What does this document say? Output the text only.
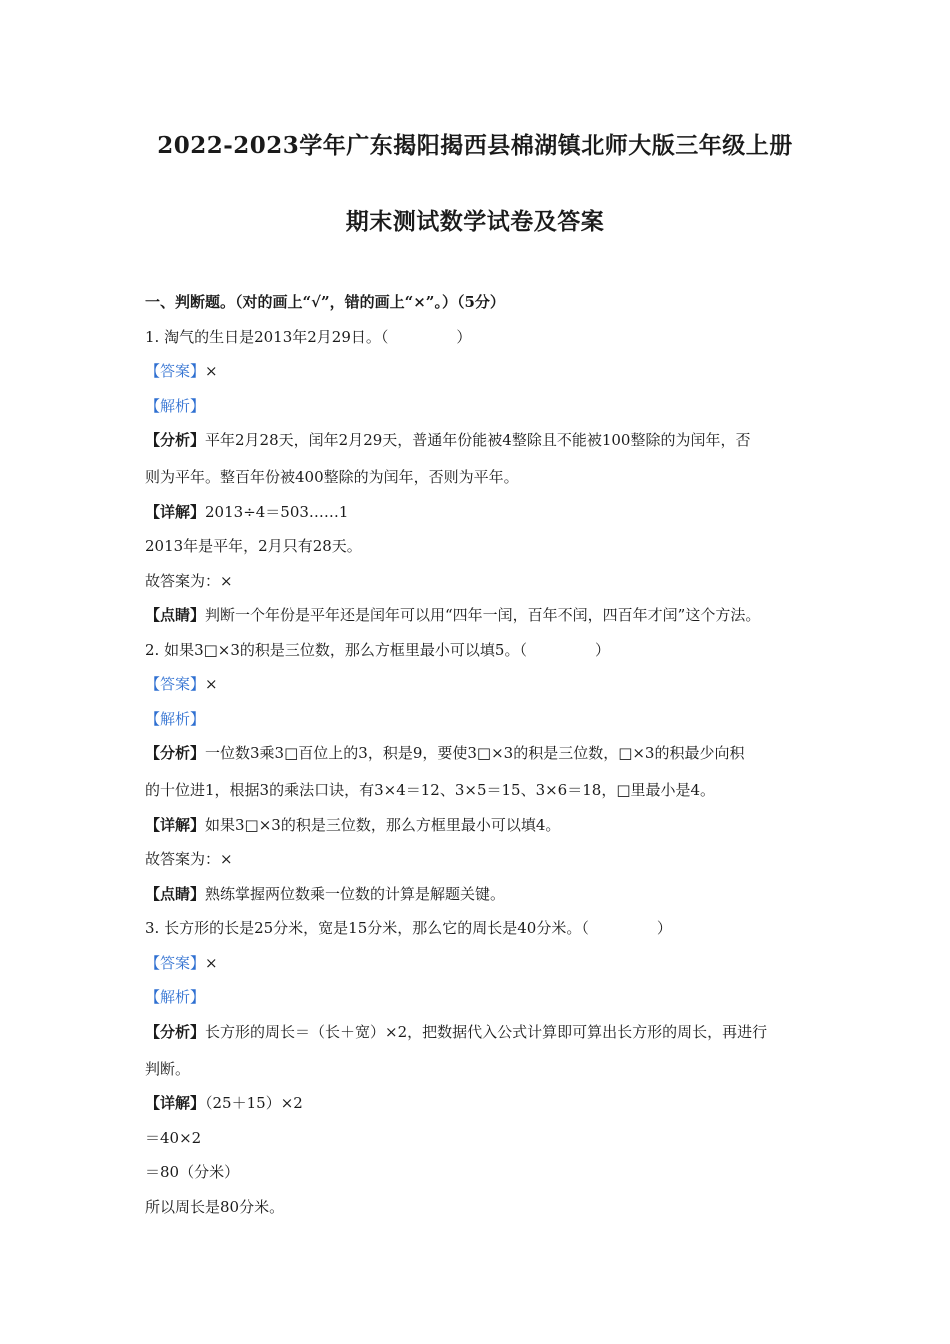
2022-2023学年广东揭阳揭西县棉湖镇北师大版三年级上册
期末测试数学试卷及答案
一、判断题。（对的画上“√”，错的画上“×”。）（5分）
1. 淘气的生日是2013年2月29日。（	）
【答案】×
【解析】
【分析】平年2月28天，闰年2月29天，普通年份能被4整除且不能被100整除的为闰年，否
则为平年。整百年份被400整除的为闰年，否则为平年。
【详解】2013÷4＝503……1
2013年是平年，2月只有28天。
故答案为：×
【点睛】判断一个年份是平年还是闰年可以用“四年一闰，百年不闰，四百年才闰”这个方法。
2. 如果3□×3的积是三位数，那么方框里最小可以填5。（	）
【答案】×
【解析】
【分析】一位数3乘3□百位上的3，积是9，要使3□×3的积是三位数，□×3的积最少向积
的十位进1，根据3的乘法口诀，有3×4＝12、3×5＝15、3×6＝18，□里最小是4。
【详解】如果3□×3的积是三位数，那么方框里最小可以填4。
故答案为：×
【点睛】熟练掌握两位数乘一位数的计算是解题关键。
3. 长方形的长是25分米，宽是15分米，那么它的周长是40分米。（	）
【答案】×
【解析】
【分析】长方形的周长＝（长＋宽）×2，把数据代入公式计算即可算出长方形的周长，再进行
判断。
【详解】（25＋15）×2
＝40×2
＝80（分米）
所以周长是80分米。
